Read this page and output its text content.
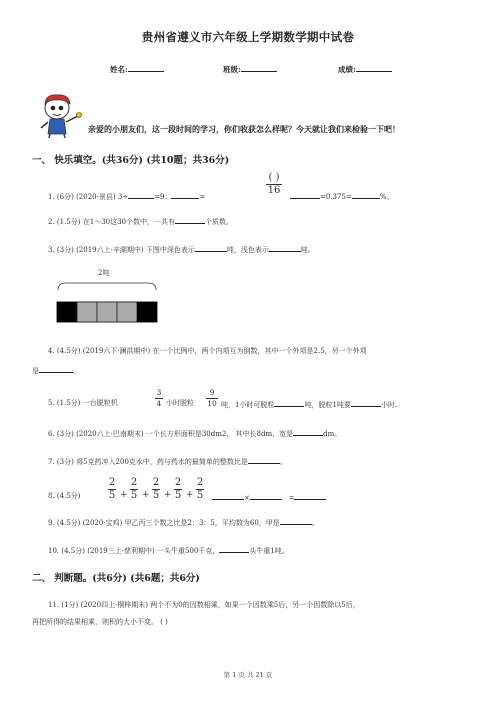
贵州省遵义市六年级上学期数学期中试卷
姓名:	班级:	成绩:
亲爱的小朋友们，这一段时间的学习，你们收获怎么样呢？今天就让我们来检验一下吧！
一、 快乐填空。(共36分) (共10题；共36分)
1. (6分) (2020·景县) 3÷	=9：	=
( )
16
=0.375=	%。
2. (1.5分) 在1～30这30个数中，一共有	个质数。
3. (3分) (2019六上·辛湖期中) 下图中深色表示	吨，浅色表示	吨。
2吨
4. (4.5分) (2019六下·澜洪期中) 在一个比例中，两个内项互为倒数，其中一个外项是2.5，另一个外项
是	。
5. (1.5分) 一台脱粒机
3
4 小时脱粒
9
10 吨，1小时可脱粒	吨，脱粒1吨要	小时.
6. (3分) (2020六上·巴南期末) 一个长方形面积是30dm2， 其中长8dm，宽是	dm。
7. (3分) 将5克药冲入200克水中，药与药水的最简单的整数比是	。
8. (4.5分)
2
5 +
2
5 +
2
5 +
2
5 +
2
5	×	=
9. (4.5分) (2020·宝鸡) 甲乙丙三个数之比是2：3：5，平均数为60，甲是	。
10. (4.5分) (2019三上·慈利期中) 一头牛重500千克，	头牛重1吨。
二、 判断题。(共6分) (共6题；共6分)
11. (1分) (2020四上·桐梓期末) 两个不为0的因数相乘，如果一个因数乘5后，另一个因数除以5后，
再把所得的结果相乘，则积的大小不变。 ( )
第 1 页 共 21 页
